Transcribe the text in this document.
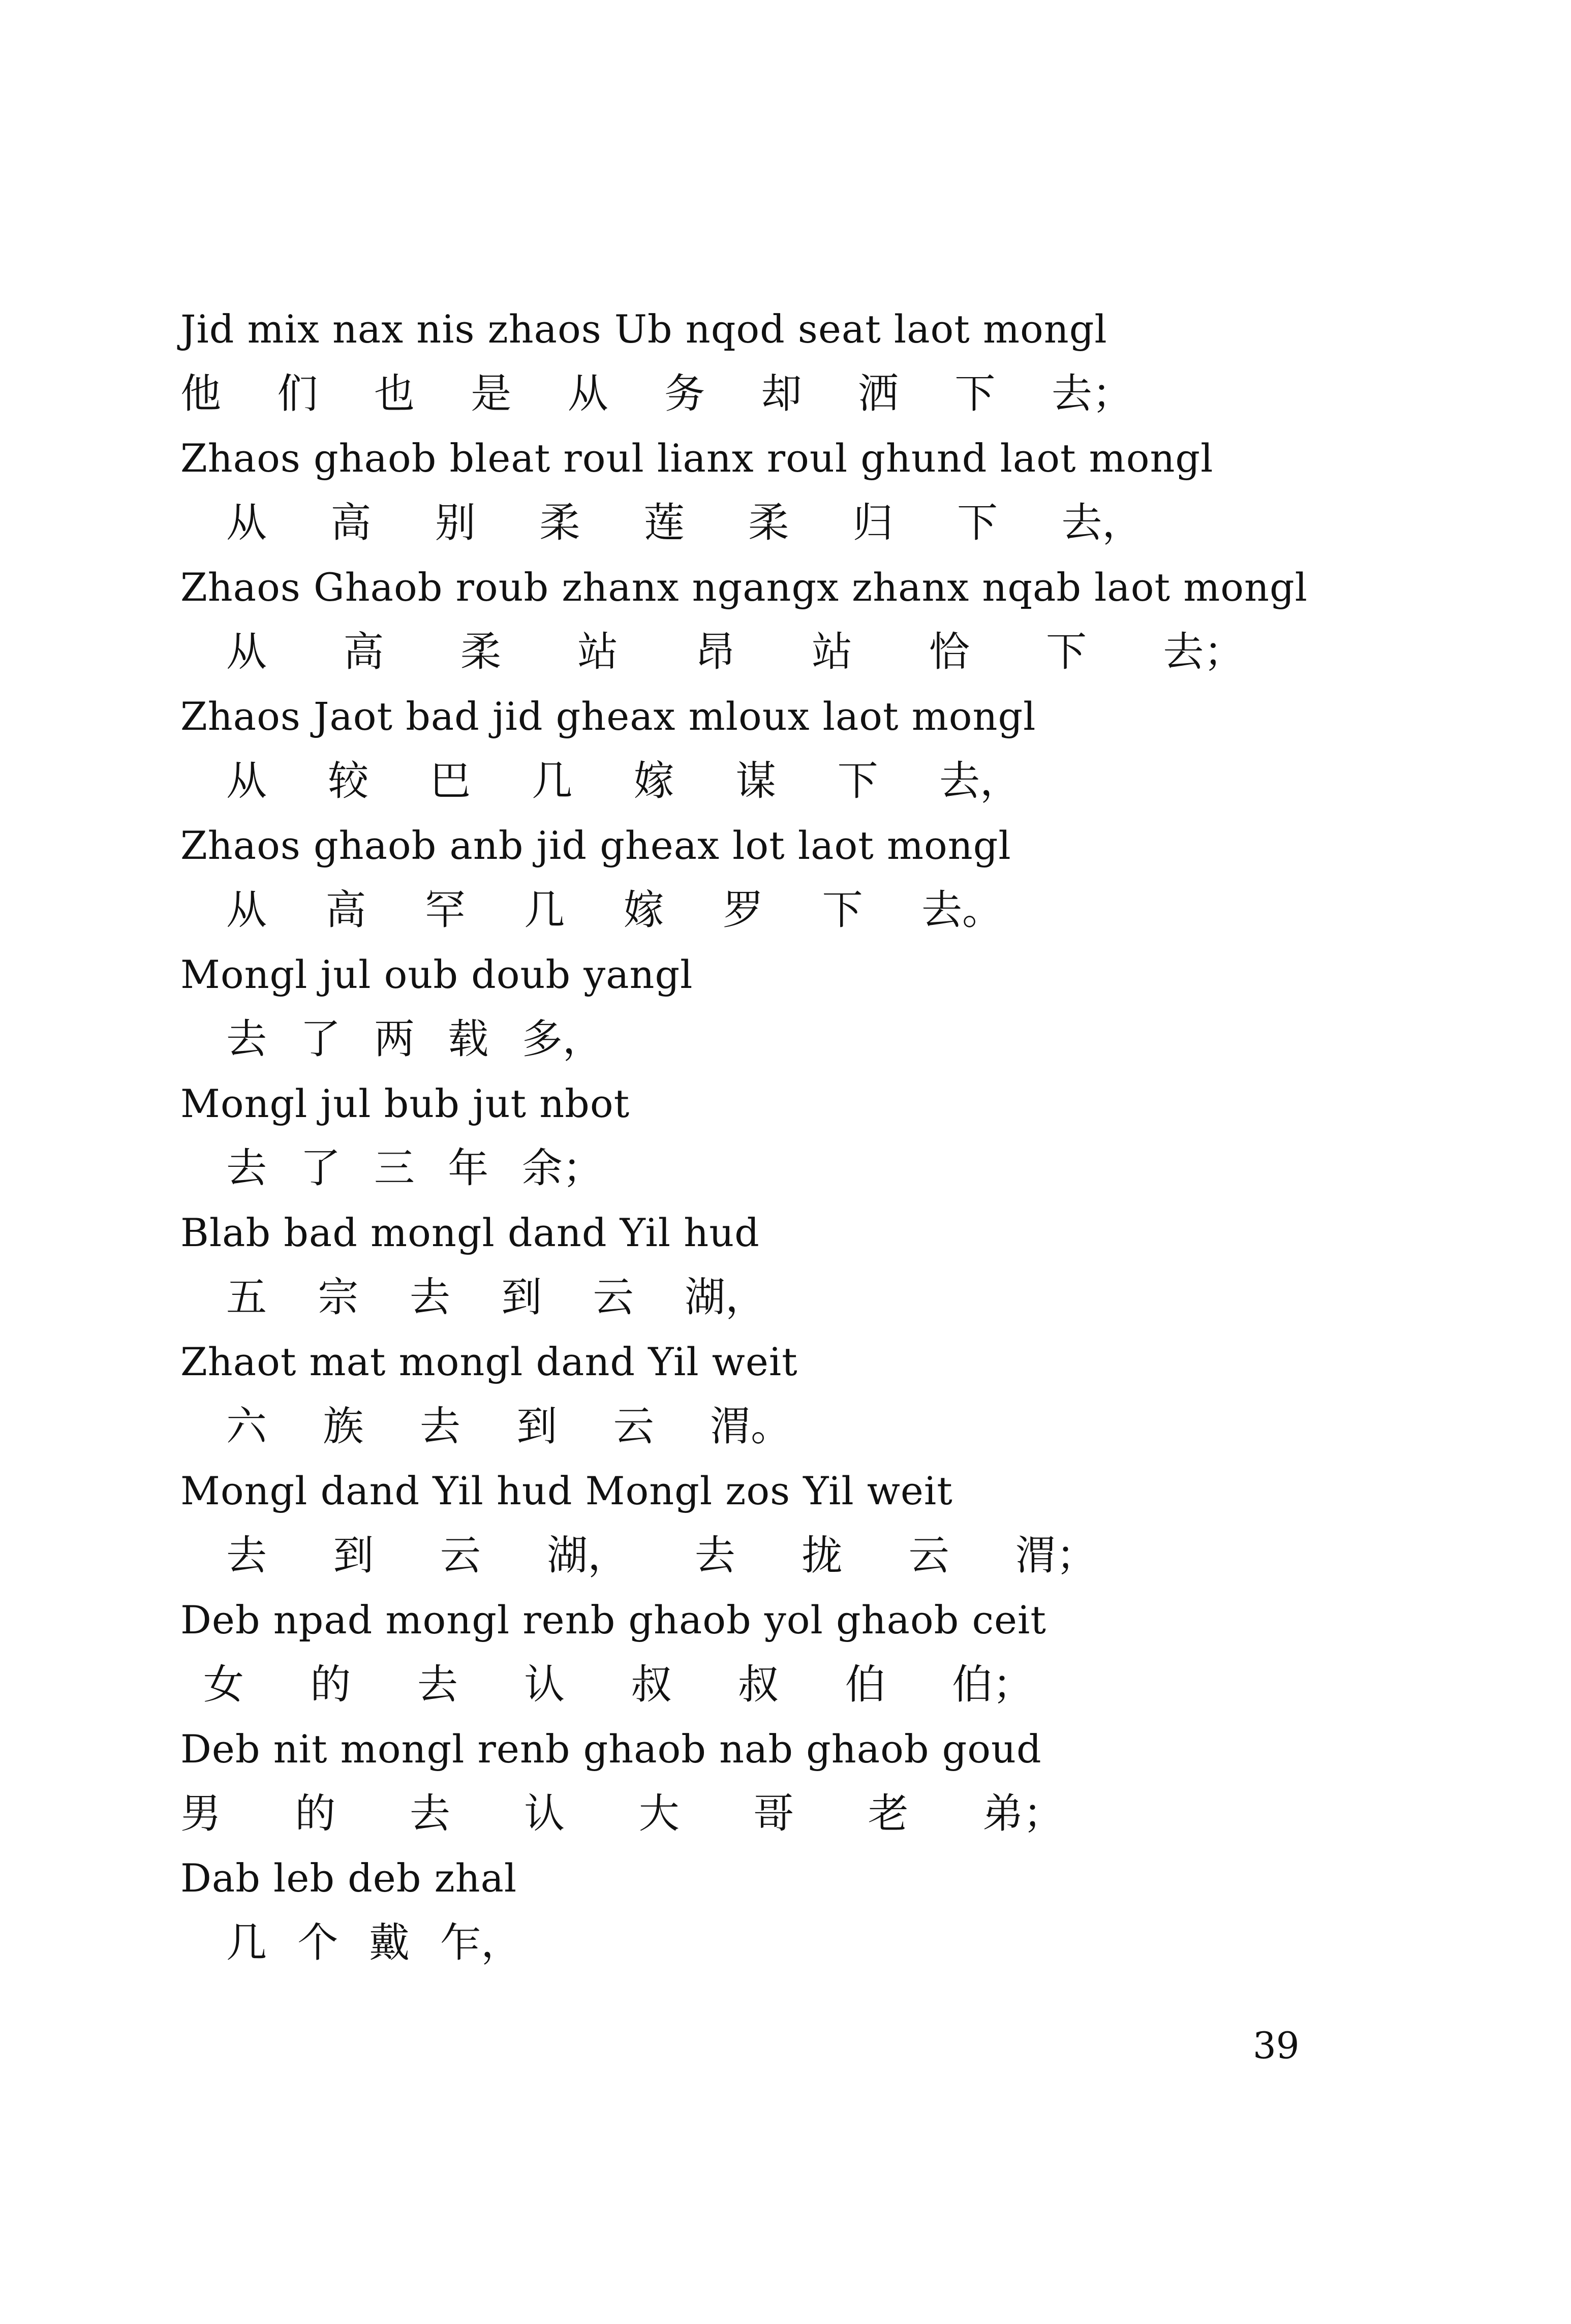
Jid mix nax nis zhaos Ub nqod seat laot mongl
他 们 也 是 从 务 却 洒 下 去；
Zhaos ghaob bleat roul lianx roul ghund laot mongl
从 高 别 柔 莲 柔 归 下 去，
Zhaos Ghaob roub zhanx ngangx zhanx nqab laot mongl
从 高 柔 站 昂 站 恰 下 去；
Zhaos Jaot bad jid gheax mloux laot mongl
从 较 巴 几 嫁 谋 下 去，
Zhaos ghaob anb jid gheax lot laot mongl
从 高 罕 几 嫁 罗 下 去。
Mongl jul oub doub yangl
去 了 两 载 多，
Mongl jul bub jut nbot
去 了 三 年 余；
Blab bad mongl dand Yil hud
五 宗 去 到 云 湖，
Zhaot mat mongl dand Yil weit
六 族 去 到 云 渭。
Mongl dand Yil hud Mongl zos Yil weit
去 到 云 湖， 去 拢 云 渭；
Deb npad mongl renb ghaob yol ghaob ceit
女 的 去 认 叔 叔 伯 伯；
Deb nit mongl renb ghaob nab ghaob goud
男 的 去 认 大 哥 老 弟；
Dab leb deb zhal
几 个 戴 乍，
39
